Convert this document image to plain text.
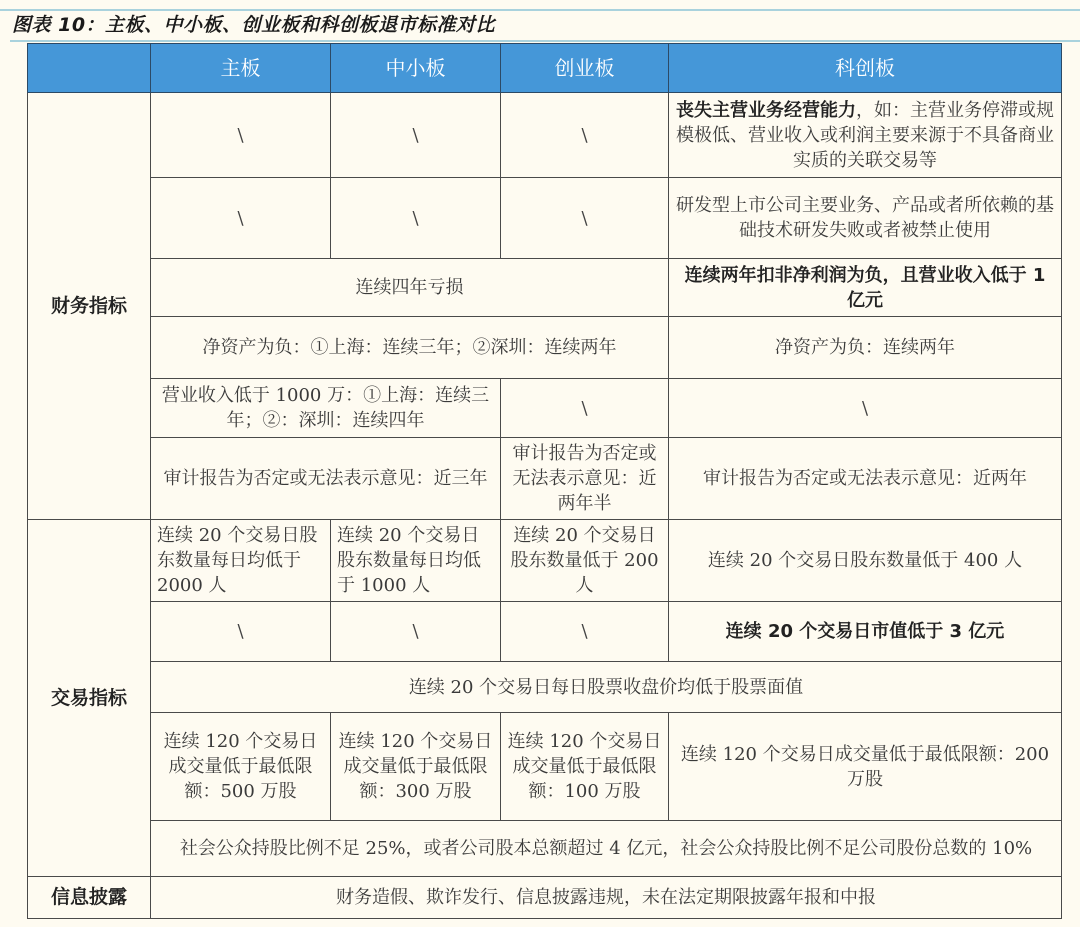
图表 10：主板、中小板、创业板和科创板退市标准对比
	主板	中小板	创业板	科创板
财务指标	\	\	\	丧失主营业务经营能力，如：主营业务停滞或规模极低、营业收入或利润主要来源于不具备商业实质的关联交易等
	\	\	\	研发型上市公司主要业务、产品或者所依赖的基础技术研发失败或者被禁止使用
	连续四年亏损			连续两年扣非净利润为负，且营业收入低于 1 亿元
	净资产为负：①上海：连续三年；②深圳：连续两年			净资产为负：连续两年
	营业收入低于 1000 万：①上海：连续三年；②：深圳：连续四年		\	\
	审计报告为否定或无法表示意见：近三年		审计报告为否定或无法表示意见：近两年半	审计报告为否定或无法表示意见：近两年
交易指标	连续 20 个交易日股东数量每日均低于 2000 人	连续 20 个交易日股东数量每日均低于 1000 人	连续 20 个交易日股东数量低于 200 人	连续 20 个交易日股东数量低于 400 人
	\	\	\	连续 20 个交易日市值低于 3 亿元
	连续 20 个交易日每日股票收盘价均低于股票面值			
	连续 120 个交易日成交量低于最低限额：500 万股	连续 120 个交易日成交量低于最低限额：300 万股	连续 120 个交易日成交量低于最低限额：100 万股	连续 120 个交易日成交量低于最低限额：200 万股
	社会公众持股比例不足 25%，或者公司股本总额超过 4 亿元，社会公众持股比例不足公司股份总数的 10%			
信息披露	财务造假、欺诈发行、信息披露违规，未在法定期限披露年报和中报			
